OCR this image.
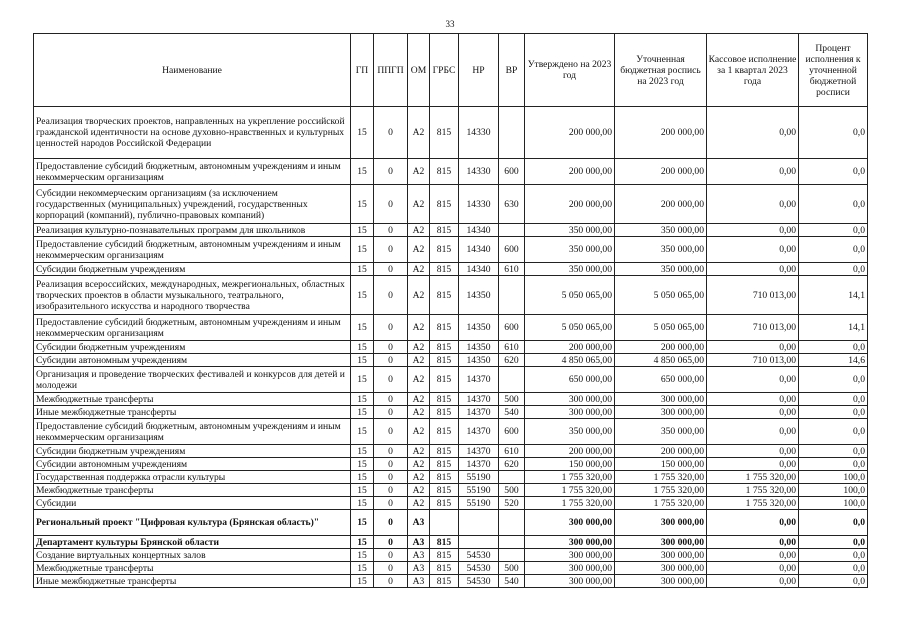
33
Наименование	ГП	ППГП	ОМ	ГРБС	НР	ВР	Утверждено на 2023 год	Уточненная бюджетная роспись на 2023 год	Кассовое исполнение за 1 квартал 2023 года	Процент исполнения к уточненной бюджетной росписи
Реализация творческих проектов, направленных на укрепление российской гражданской идентичности на основе духовно-нравственных и культурных ценностей народов Российской Федерации	15	0	А2	815	14330		200 000,00	200 000,00	0,00	0,0
Предоставление субсидий бюджетным, автономным учреждениям и иным некоммерческим организациям	15	0	А2	815	14330	600	200 000,00	200 000,00	0,00	0,0
Субсидии некоммерческим организациям (за исключением государственных (муниципальных) учреждений, государственных корпораций (компаний), публично-правовых компаний)	15	0	А2	815	14330	630	200 000,00	200 000,00	0,00	0,0
Реализация культурно-познавательных программ для школьников	15	0	А2	815	14340		350 000,00	350 000,00	0,00	0,0
Предоставление субсидий бюджетным, автономным учреждениям и иным некоммерческим организациям	15	0	А2	815	14340	600	350 000,00	350 000,00	0,00	0,0
Субсидии бюджетным учреждениям	15	0	А2	815	14340	610	350 000,00	350 000,00	0,00	0,0
Реализация всероссийских, международных, межрегиональных, областных творческих проектов в области музыкального, театрального, изобразительного искусства и народного творчества	15	0	А2	815	14350		5 050 065,00	5 050 065,00	710 013,00	14,1
Предоставление субсидий бюджетным, автономным учреждениям и иным некоммерческим организациям	15	0	А2	815	14350	600	5 050 065,00	5 050 065,00	710 013,00	14,1
Субсидии бюджетным учреждениям	15	0	А2	815	14350	610	200 000,00	200 000,00	0,00	0,0
Субсидии автономным учреждениям	15	0	А2	815	14350	620	4 850 065,00	4 850 065,00	710 013,00	14,6
Организация и проведение творческих фестивалей и конкурсов для детей и молодежи	15	0	А2	815	14370		650 000,00	650 000,00	0,00	0,0
Межбюджетные трансферты	15	0	А2	815	14370	500	300 000,00	300 000,00	0,00	0,0
Иные межбюджетные трансферты	15	0	А2	815	14370	540	300 000,00	300 000,00	0,00	0,0
Предоставление субсидий бюджетным, автономным учреждениям и иным некоммерческим организациям	15	0	А2	815	14370	600	350 000,00	350 000,00	0,00	0,0
Субсидии бюджетным учреждениям	15	0	А2	815	14370	610	200 000,00	200 000,00	0,00	0,0
Субсидии автономным учреждениям	15	0	А2	815	14370	620	150 000,00	150 000,00	0,00	0,0
Государственная поддержка отрасли культуры	15	0	А2	815	55190		1 755 320,00	1 755 320,00	1 755 320,00	100,0
Межбюджетные трансферты	15	0	А2	815	55190	500	1 755 320,00	1 755 320,00	1 755 320,00	100,0
Субсидии	15	0	А2	815	55190	520	1 755 320,00	1 755 320,00	1 755 320,00	100,0
Региональный проект "Цифровая культура (Брянская область)"	15	0	А3				300 000,00	300 000,00	0,00	0,0
Департамент культуры Брянской области	15	0	А3	815			300 000,00	300 000,00	0,00	0,0
Создание виртуальных концертных залов	15	0	А3	815	54530		300 000,00	300 000,00	0,00	0,0
Межбюджетные трансферты	15	0	А3	815	54530	500	300 000,00	300 000,00	0,00	0,0
Иные межбюджетные трансферты	15	0	А3	815	54530	540	300 000,00	300 000,00	0,00	0,0
